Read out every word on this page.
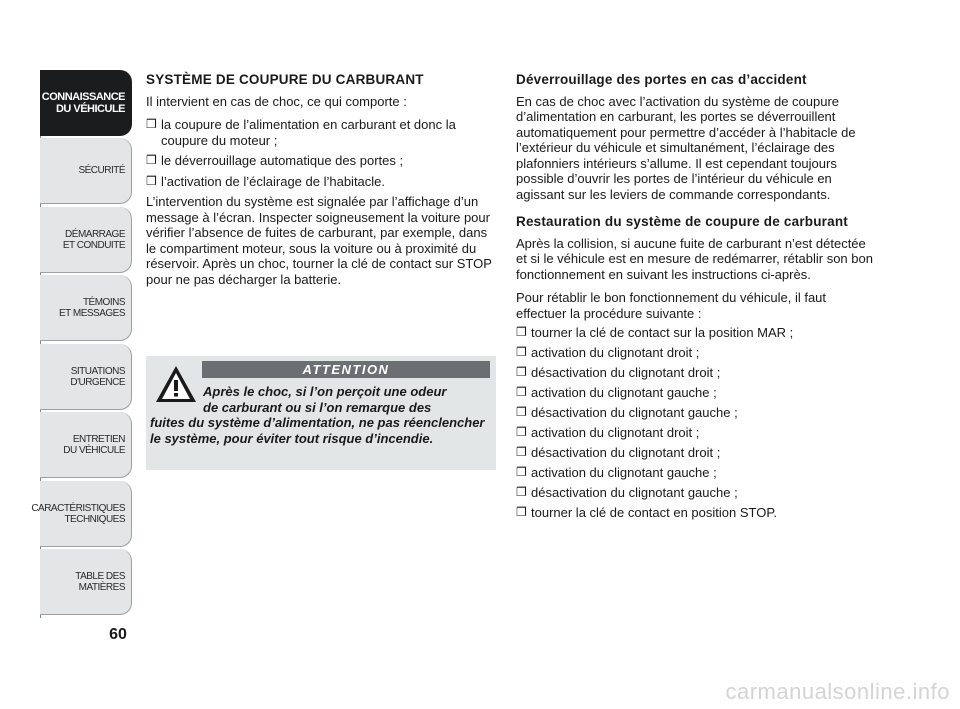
CONNAISSANCE
DU VÉHICULE
SÉCURITÉ
DÉMARRAGE
ET CONDUITE
TÉMOINS
ET MESSAGES
SITUATIONS
D'URGENCE
ENTRETIEN
DU VÉHICULE
CARACTÉRISTIQUES
TECHNIQUES
TABLE DES
MATIÈRES
60
SYSTÈME DE COUPURE DU CARBURANT
Il intervient en cas de choc, ce qui comporte :
❒ la coupure de l’alimentation en carburant et donc la coupure du moteur ;
❒ le déverrouillage automatique des portes ;
❒ l’activation de l’éclairage de l’habitacle.
L’intervention du système est signalée par l’affichage d’un message à l’écran. Inspecter soigneusement la voiture pour vérifier l’absence de fuites de carburant, par exemple, dans le compartiment moteur, sous la voiture ou à proximité du réservoir. Après un choc, tourner la clé de contact sur STOP pour ne pas décharger la batterie.
ATTENTION
Après le choc, si l’on perçoit une odeur
de carburant ou si l’on remarque des
fuites du système d’alimentation, ne pas réenclencher le système, pour éviter tout risque d’incendie.
Déverrouillage des portes en cas d’accident
En cas de choc avec l’activation du système de coupure d’alimentation en carburant, les portes se déverrouillent automatiquement pour permettre d’accéder à l’habitacle de l’extérieur du véhicule et simultanément, l’éclairage des plafonniers intérieurs s’allume. Il est cependant toujours possible d’ouvrir les portes de l’intérieur du véhicule en agissant sur les leviers de commande correspondants.
Restauration du système de coupure de carburant
Après la collision, si aucune fuite de carburant n’est détectée et si le véhicule est en mesure de redémarrer, rétablir son bon fonctionnement en suivant les instructions ci-après.
Pour rétablir le bon fonctionnement du véhicule, il faut effectuer la procédure suivante :
❒ tourner la clé de contact sur la position MAR ;
❒ activation du clignotant droit ;
❒ désactivation du clignotant droit ;
❒ activation du clignotant gauche ;
❒ désactivation du clignotant gauche ;
❒ activation du clignotant droit ;
❒ désactivation du clignotant droit ;
❒ activation du clignotant gauche ;
❒ désactivation du clignotant gauche ;
❒ tourner la clé de contact en position STOP.
carmanualsonline.info
